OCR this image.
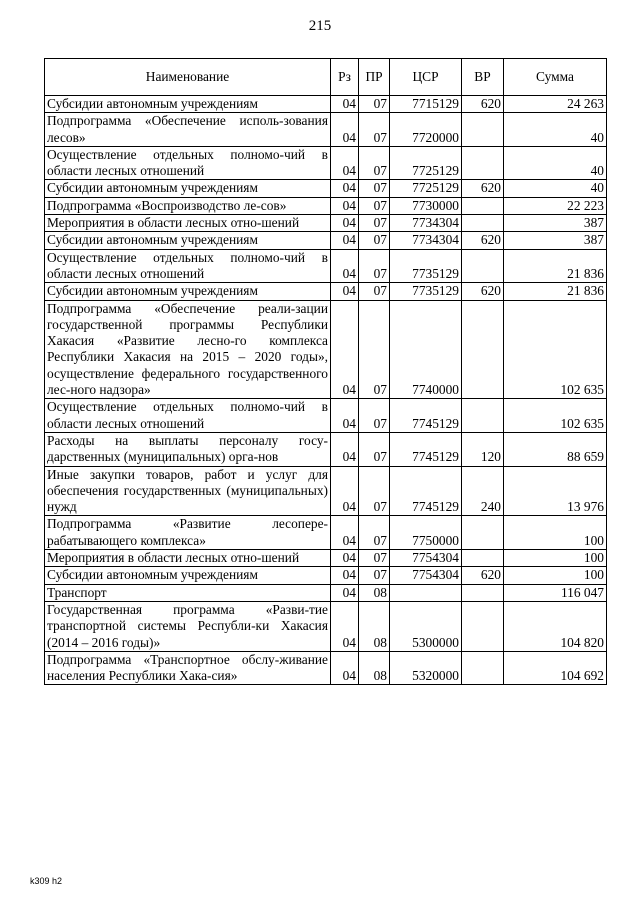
215
Наименование	Рз	ПР	ЦСР	ВР	Сумма
Субсидии автономным учреждениям	04	07	7715129	620	24 263
Подпрограмма «Обеспечение исполь-зования лесов»	04	07	7720000		40
Осуществление отдельных полномо-чий в области лесных отношений	04	07	7725129		40
Субсидии автономным учреждениям	04	07	7725129	620	40
Подпрограмма «Воспроизводство ле-сов»	04	07	7730000		22 223
Мероприятия в области лесных отно-шений	04	07	7734304		387
Субсидии автономным учреждениям	04	07	7734304	620	387
Осуществление отдельных полномо-чий в области лесных отношений	04	07	7735129		21 836
Субсидии автономным учреждениям	04	07	7735129	620	21 836
Подпрограмма «Обеспечение реали-зации государственной программы Республики Хакасия «Развитие лесно-го комплекса Республики Хакасия на 2015 – 2020 годы», осуществление федерального государственного лес-ного надзора»	04	07	7740000		102 635
Осуществление отдельных полномо-чий в области лесных отношений	04	07	7745129		102 635
Расходы на выплаты персоналу госу-дарственных (муниципальных) орга-нов	04	07	7745129	120	88 659
Иные закупки товаров, работ и услуг для обеспечения государственных (муниципальных) нужд	04	07	7745129	240	13 976
Подпрограмма «Развитие лесопере-рабатывающего комплекса»	04	07	7750000		100
Мероприятия в области лесных отно-шений	04	07	7754304		100
Субсидии автономным учреждениям	04	07	7754304	620	100
Транспорт	04	08			116 047
Государственная программа «Разви-тие транспортной системы Республи-ки Хакасия (2014 – 2016 годы)»	04	08	5300000		104 820
Подпрограмма «Транспортное обслу-живание населения Республики Хака-сия»	04	08	5320000		104 692
k309 h2
